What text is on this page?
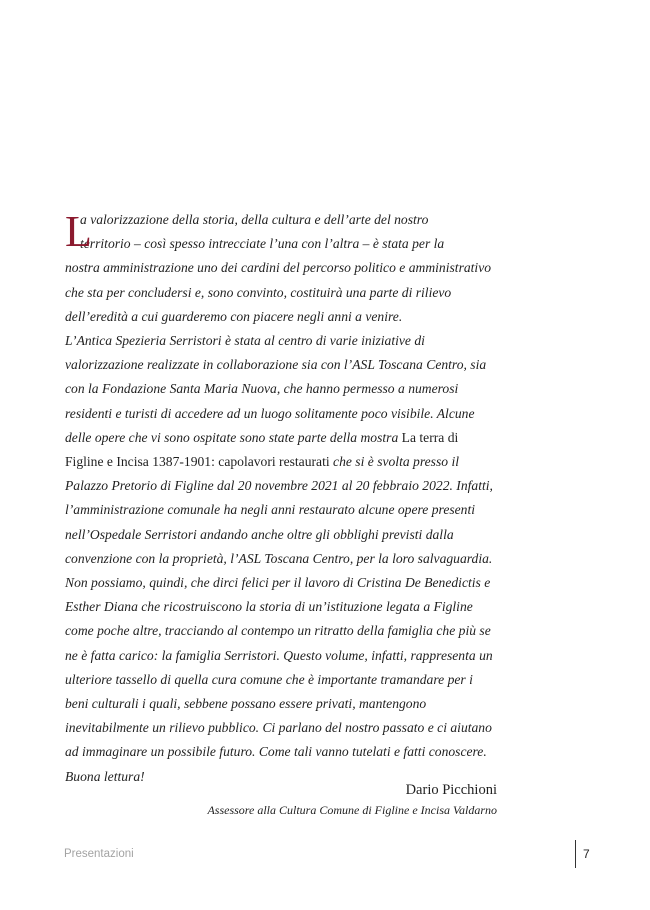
L
a valorizzazione della storia, della cultura e dell’arte del nostro
territorio – così spesso intrecciate l’una con l’altra – è stata per la
nostra amministrazione uno dei cardini del percorso politico e amministrativo che sta per concludersi e, sono convinto, costituirà una parte di rilievo dell’eredità a cui guarderemo con piacere negli anni a venire.

L’Antica Spezieria Serristori è stata al centro di varie iniziative di valorizzazione realizzate in collaborazione sia con l’ASL Toscana Centro, sia con la Fondazione Santa Maria Nuova, che hanno permesso a numerosi residenti e turisti di accedere ad un luogo solitamente poco visibile. Alcune delle opere che vi sono ospitate sono state parte della mostra La terra di Figline e Incisa 1387-1901: capolavori restaurati che si è svolta presso il Palazzo Pretorio di Figline dal 20 novembre 2021 al 20 febbraio 2022. Infatti, l’amministrazione comunale ha negli anni restaurato alcune opere presenti nell’Ospedale Serristori andando anche oltre gli obblighi previsti dalla convenzione con la proprietà, l’ASL Toscana Centro, per la loro salvaguardia.

Non possiamo, quindi, che dirci felici per il lavoro di Cristina De Benedictis e Esther Diana che ricostruiscono la storia di un’istituzione legata a Figline come poche altre, tracciando al contempo un ritratto della famiglia che più se ne è fatta carico: la famiglia Serristori. Questo volume, infatti, rappresenta un ulteriore tassello di quella cura comune che è importante tramandare per i beni culturali i quali, sebbene possano essere privati, mantengono inevitabilmente un rilievo pubblico. Ci parlano del nostro passato e ci aiutano ad immaginare un possibile futuro. Come tali vanno tutelati e fatti conoscere. Buona lettura!

Dario Picchioni
Assessore alla Cultura Comune di Figline e Incisa Valdarno
Presentazioni	7
